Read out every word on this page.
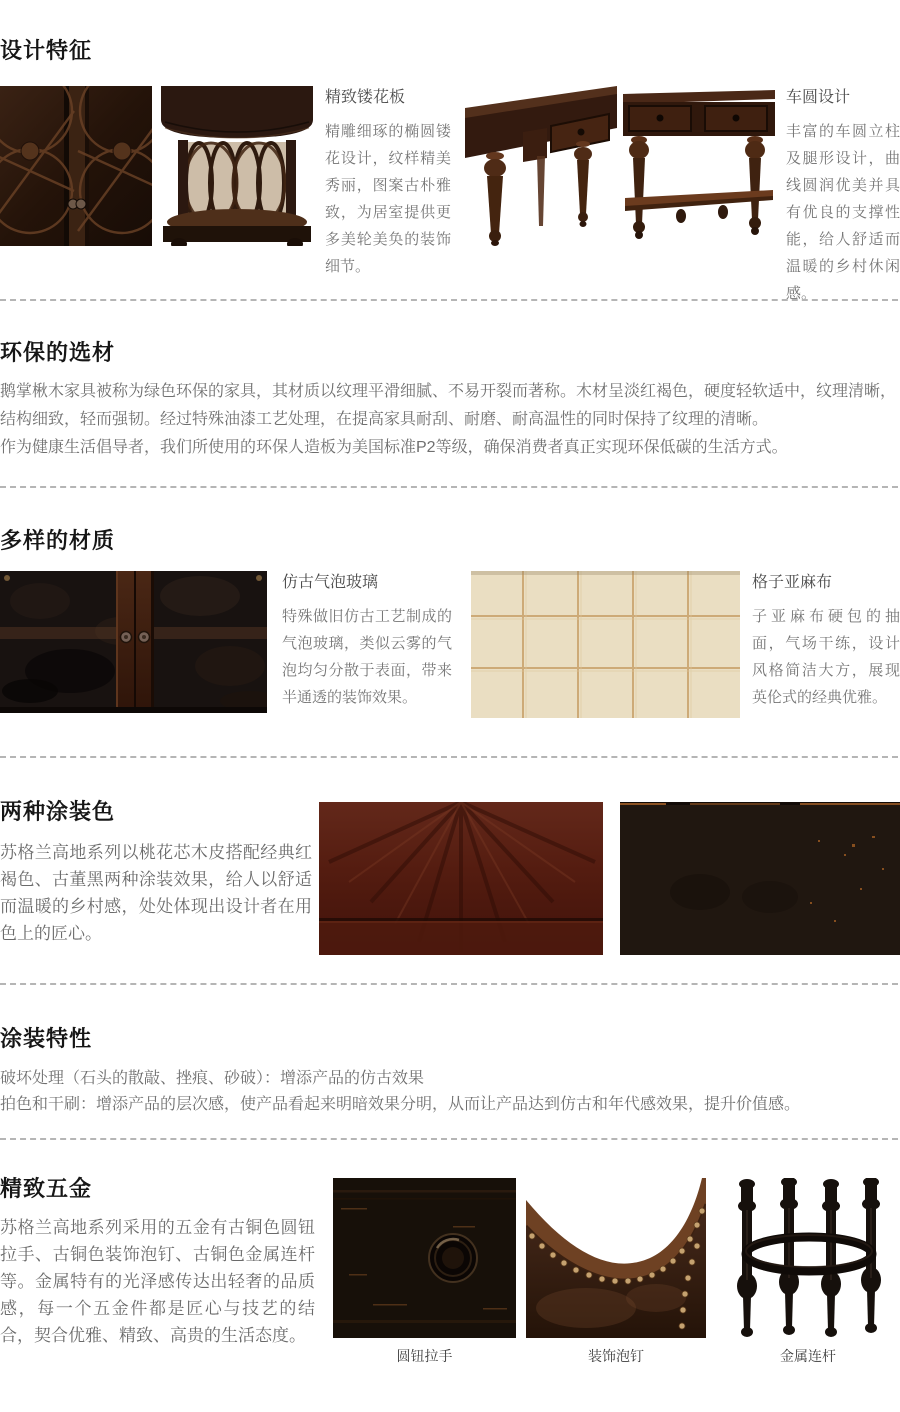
设计特征

精致镂花板

精雕细琢的椭圆镂花设计，纹样精美秀丽，图案古朴雅致，为居室提供更多美轮美奂的装饰细节。

车圆设计

丰富的车圆立柱及腿形设计，曲线圆润优美并具有优良的支撑性能，给人舒适而温暖的乡村休闲感。

环保的选材

鹅掌楸木家具被称为绿色环保的家具，其材质以纹理平滑细腻、不易开裂而著称。木材呈淡红褐色，硬度轻软适中，纹理清晰，结构细致，轻而强韧。经过特殊油漆工艺处理，在提高家具耐刮、耐磨、耐高温性的同时保持了纹理的清晰。

作为健康生活倡导者，我们所使用的环保人造板为美国标准P2等级，确保消费者真正实现环保低碳的生活方式。

多样的材质

仿古气泡玻璃

特殊做旧仿古工艺制成的气泡玻璃，类似云雾的气泡均匀分散于表面，带来半通透的装饰效果。

格子亚麻布

子亚麻布硬包的抽面，气场干练，设计风格简洁大方，展现英伦式的经典优雅。

两种涂装色

苏格兰高地系列以桃花芯木皮搭配经典红褐色、古董黑两种涂装效果，给人以舒适而温暖的乡村感，处处体现出设计者在用色上的匠心。

涂装特性

破坏处理（石头的散敲、挫痕、砂破）：增添产品的仿古效果

拍色和干刷：增添产品的层次感，使产品看起来明暗效果分明，从而让产品达到仿古和年代感效果，提升价值感。

精致五金

苏格兰高地系列采用的五金有古铜色圆钮拉手、古铜色装饰泡钉、古铜色金属连杆等。金属特有的光泽感传达出轻奢的品质感，每一个五金件都是匠心与技艺的结合，契合优雅、精致、高贵的生活态度。

圆钮拉手	装饰泡钉	金属连杆
